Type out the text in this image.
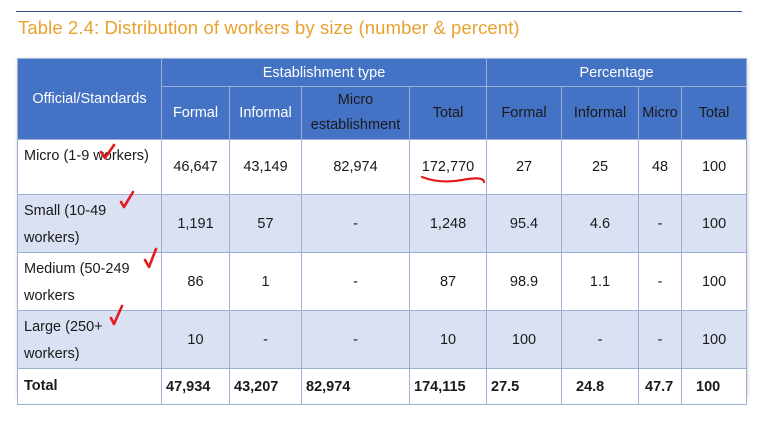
Table 2.4: Distribution of workers by size (number & percent)
Official/Standards	Establishment type				Percentage			
	Formal	Informal	Micro establishment	Total	Formal	Informal	Micro	Total
Micro (1-9 workers)	46,647	43,149	82,974	172,770	27	25	48	100
Small (10-49 workers)	1,191	57	-	1,248	95.4	4.6	-	100
Medium (50-249 workers	86	1	-	87	98.9	1.1	-	100
Large (250+ workers)	10	-	-	10	100	-	-	100
Total	47,934	43,207	82,974	174,115	27.5	24.8	47.7	100
